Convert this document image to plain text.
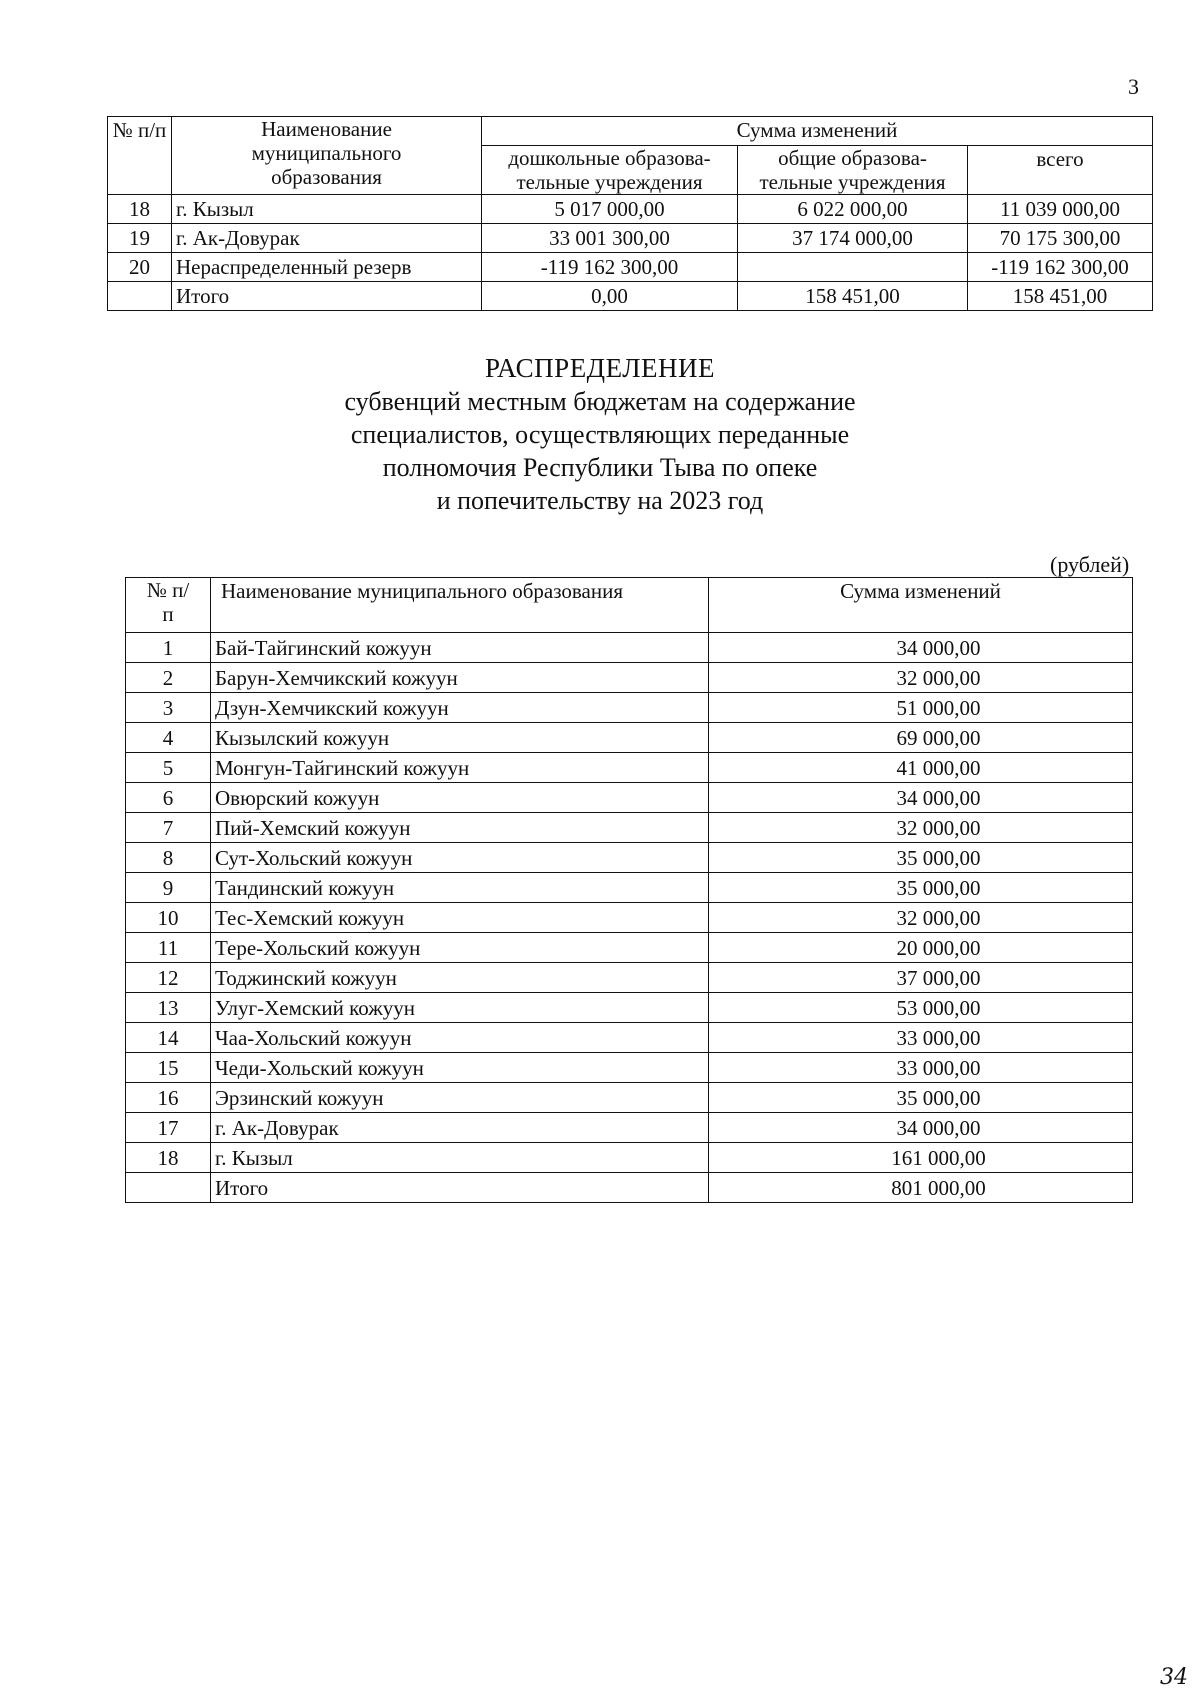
3
№ п/п	Наименование муниципального образования	Сумма изменений		
		дошкольные образова-тельные учреждения	общие образова-тельные учреждения	всего

18	г. Кызыл	5 017 000,00	6 022 000,00	11 039 000,00
19	г. Ак-Довурак	33 001 300,00	37 174 000,00	70 175 300,00
20	Нераспределенный резерв	-119 162 300,00		-119 162 300,00
	Итого	0,00	158 451,00	158 451,00
РАСПРЕДЕЛЕНИЕ
субвенций местным бюджетам на содержание
специалистов, осуществляющих переданные
полномочия Республики Тыва по опеке
и попечительству на 2023 год
(рублей)
№ п/п	Наименование муниципального образования	Сумма изменений
1	Бай-Тайгинский кожуун	34 000,00
2	Барун-Хемчикский кожуун	32 000,00
3	Дзун-Хемчикский кожуун	51 000,00
4	Кызылский кожуун	69 000,00
5	Монгун-Тайгинский кожуун	41 000,00
6	Овюрский кожуун	34 000,00
7	Пий-Хемский кожуун	32 000,00
8	Сут-Хольский кожуун	35 000,00
9	Тандинский кожуун	35 000,00
10	Тес-Хемский кожуун	32 000,00
11	Тере-Хольский кожуун	20 000,00
12	Тоджинский кожуун	37 000,00
13	Улуг-Хемский кожуун	53 000,00
14	Чаа-Хольский кожуун	33 000,00
15	Чеди-Хольский кожуун	33 000,00
16	Эрзинский кожуун	35 000,00
17	г. Ак-Довурак	34 000,00
18	г. Кызыл	161 000,00
	Итого	801 000,00
34
